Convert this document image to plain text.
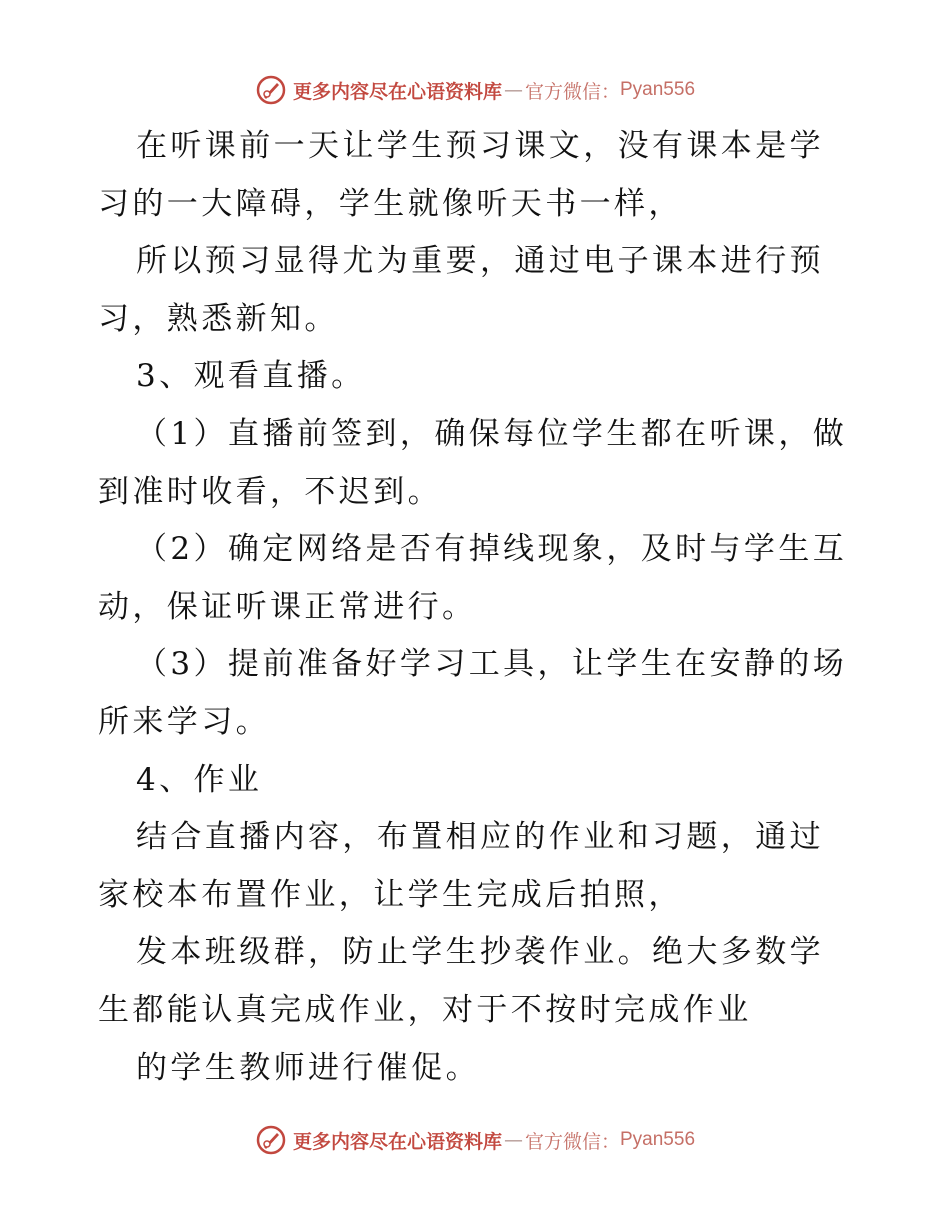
更多内容尽在心语资料库 — 官方微信： Pyan556

在听课前一天让学生预习课文，没有课本是学习的一大障碍，学生就像听天书一样，

所以预习显得尤为重要，通过电子课本进行预习，熟悉新知。

3、观看直播。

（1）直播前签到，确保每位学生都在听课，做到准时收看，不迟到。

（2）确定网络是否有掉线现象，及时与学生互动，保证听课正常进行。

（3）提前准备好学习工具，让学生在安静的场所来学习。

4、作业

结合直播内容，布置相应的作业和习题，通过家校本布置作业，让学生完成后拍照，

发本班级群，防止学生抄袭作业。绝大多数学生都能认真完成作业，对于不按时完成作业

的学生教师进行催促。

更多内容尽在心语资料库 — 官方微信： Pyan556
